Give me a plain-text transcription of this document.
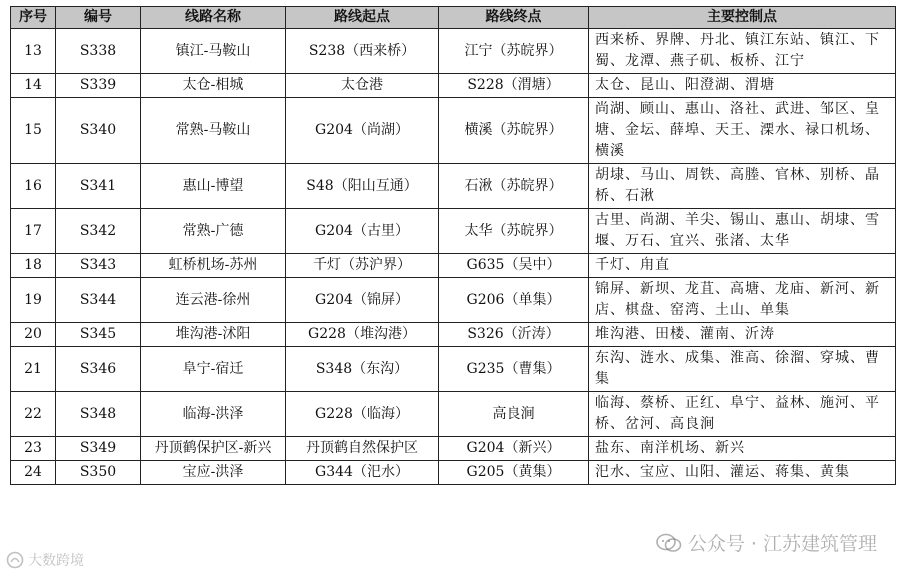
序号	编号	线路名称	路线起点	路线终点	主要控制点
13	S338	镇江-马鞍山	S238（西来桥）	江宁（苏皖界）	西来桥、界牌、丹北、镇江东站、镇江、下蜀、龙潭、燕子矶、板桥、江宁
14	S339	太仓-相城	太仓港	S228（渭塘）	太仓、昆山、阳澄湖、渭塘
15	S340	常熟-马鞍山	G204（尚湖）	横溪（苏皖界）	尚湖、顾山、惠山、洛社、武进、邹区、皇塘、金坛、薛埠、天王、溧水、禄口机场、横溪
16	S341	惠山-博望	S48（阳山互通）	石湫（苏皖界）	胡埭、马山、周铁、高塍、官林、别桥、晶桥、石湫
17	S342	常熟-广德	G204（古里）	太华（苏皖界）	古里、尚湖、羊尖、锡山、惠山、胡埭、雪堰、万石、宜兴、张渚、太华
18	S343	虹桥机场-苏州	千灯（苏沪界）	G635（吴中）	千灯、甪直
19	S344	连云港-徐州	G204（锦屏）	G206（单集）	锦屏、新坝、龙苴、高塘、龙庙、新河、新店、棋盘、窑湾、土山、单集
20	S345	堆沟港-沭阳	G228（堆沟港）	S326（沂涛）	堆沟港、田楼、灌南、沂涛
21	S346	阜宁-宿迁	S348（东沟）	G235（曹集）	东沟、涟水、成集、淮高、徐溜、穿城、曹集
22	S348	临海-洪泽	G228（临海）	高良涧	临海、蔡桥、正红、阜宁、益林、施河、平桥、岔河、高良涧
23	S349	丹顶鹤保护区-新兴	丹顶鹤自然保护区	G204（新兴）	盐东、南洋机场、新兴
24	S350	宝应-洪泽	G344（汜水）	G205（黄集）	汜水、宝应、山阳、灌运、蒋集、黄集
公众号 · 江苏建筑管理
大数跨境
